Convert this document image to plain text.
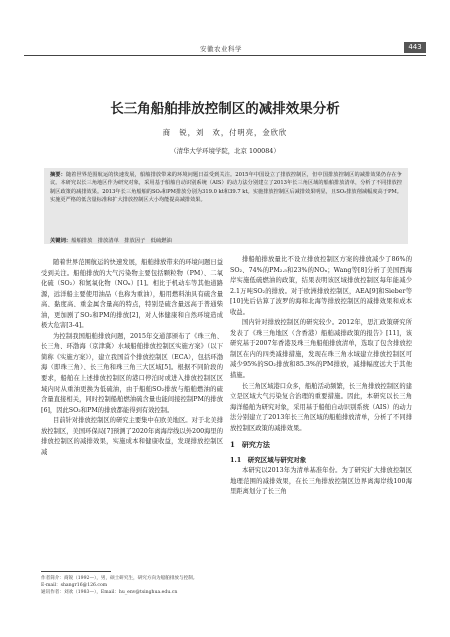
安徽农业科学	443
长三角船舶排放控制区的减排效果分析
商　锐，刘　欢，付明亮，金欣欣
（清华大学环境学院，北京 100084）
摘要：随着世界范围航运的快速发展，船舶排放带来的环境问题日益受到关注。2015年中国设立了排放控制区，但中国排放控制区的减排效果仍存在争议。本研究以长三角地区作为研究对象，采用基于船舶自动识别系统（AIS）的动力法分别建立了2013年长三角区域的船舶排放清单，分析了不同排放控制区政策的减排效果。2013年长三角船舶的SO₂和PM排放分别为319.0 kt和39.7 kt。实施排放控制区后减排效果明显，且SO₂排放削减幅度高于PM。实施更严格的低含量标准和扩大排放控制区大小均能提高减排效果。
关键词：船舶排放　排放清单　排放因子　低硫燃油

随着世界范围航运的快速发展，船舶排放带来的环境问题日益受到关注。船舶排放的大气污染物主要包括颗粒物（PM）、二氧化硫（SO₂）和氮氧化物（NOₓ）[1]。相比于机动车等其他道路源，远洋船主要使用油品（也称为重油），船用燃料油具有硫含量高、黏度高、重金属含量高的特点，特别是硫含量远高于普通柴油，更加剧了SO₂和PM的排放[2]，对人体健康和自然环境造成极大危害[3-4]。

为控制我国船舶排放问题，2015年交通部颁布了《珠三角、长三角、环渤海（京津冀）水域船舶排放控制区实施方案》（以下简称《实施方案》），建立我国首个排放控制区（ECA），包括环渤海（即珠三角）、长三角和珠三角三大区域[5]。根据不同阶段的要求，船舶在上述排放控制区的港口停泊时或进入排放控制区区域内时从重油更换为低硫油，由于船舶SO₂排放与船舶燃油的硫含量直接相关，同时控制船舶燃油硫含量也能间接控制PM的排放[6]，因此SO₂和PM的排放都能得到有效控制。

目前针对排放控制区的研究主要集中在欧美地区。对于北美排放控制区，美国环保局[7]预测了2020年离海岸线以外200海里的排放控制区的减排效果，实施成本和健康收益，发现排放控制区减

排船舶排放量比不设立排放控制区方案的排放减少了86%的SO₂、74%的PM₂.₅和23%的NOₓ；Wang等[8]分析了美国西海岸实施低硫燃油的政策，结果表明该区域排放控制区每年能减少2.1万吨SO₂的排放。对于欧洲排放控制区，AEA[9]和Sieber等[10]先后估算了波罗的海和北海等排放控制区的减排效果和成本收益。

国内针对排放控制区的研究较少。2012年，思汇政策研究所发表了《珠三角地区（含香港）船舶减排政策的报告》[11]，该研究基于2007年香港及珠三角船舶排放清单，选取了包含排放控制区在内的四类减排措施，发现在珠三角水域建立排放控制区可减少95%的SO₂排放和85.3%的PM排放，减排幅度远大于其他措施。

长三角区域港口众多，船舶活动频繁，长三角排放控制区的建立是区域大气污染复合治理的重要措施。因此，本研究以长三角海洋船舶为研究对象，采用基于船舶自动识别系统（AIS）的动力法分别建立了2013年长三角区域的船舶排放清单，分析了不同排放控制区政策的减排效果。

1　研究方法

1.1　研究区域与研究对象

本研究以2013年为清单基准年份。为了研究扩大排放控制区地理范围的减排效果，在长三角排放控制区边界离海岸线100海里距离划分了长三角

作者简介：商锐（1992—），男，硕士研究生，研究方向为船舶排放与控制。
E-mail：shangr16@126.com
通讯作者：刘欢（1983—），Email：hu_env@tsinghua.edu.cn
